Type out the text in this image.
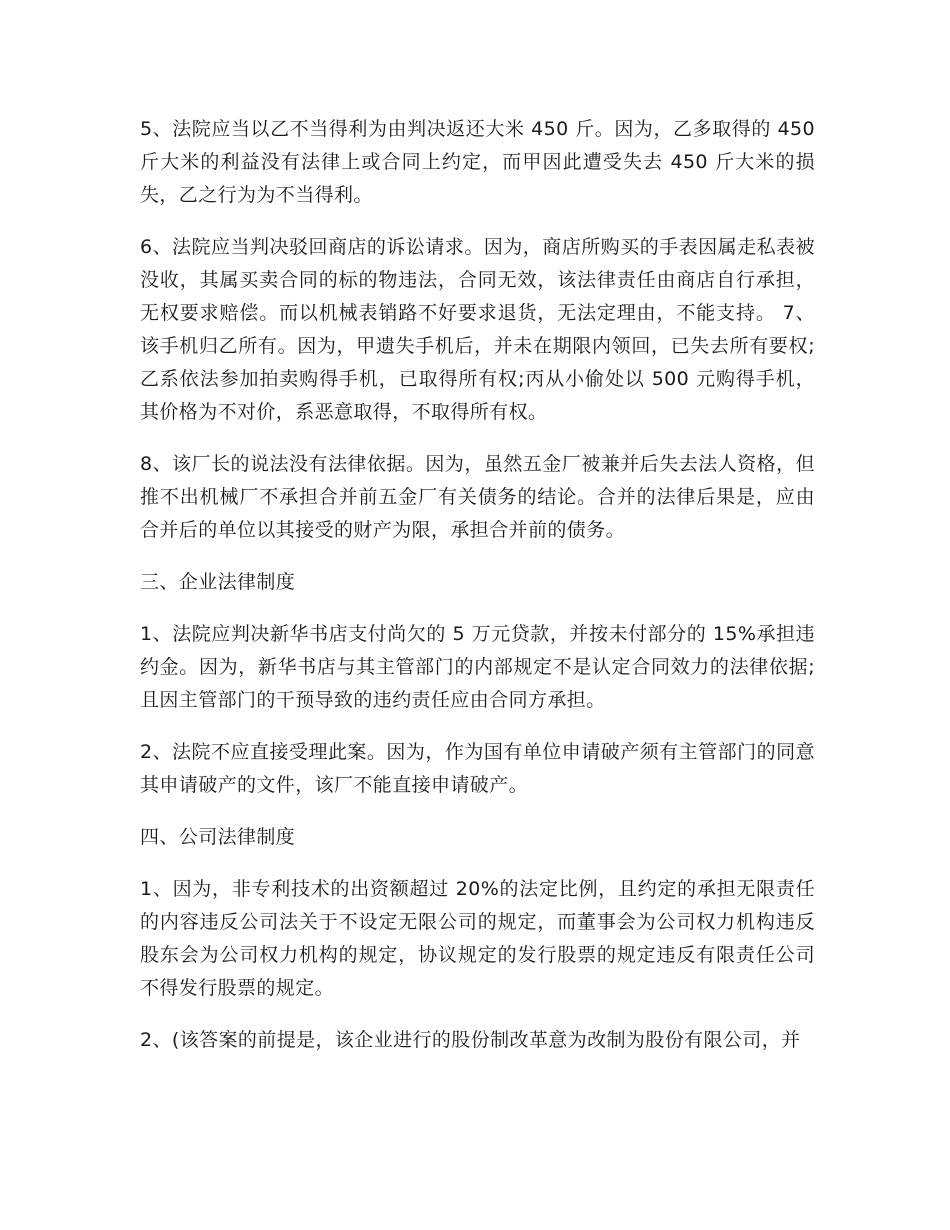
5、法院应当以乙不当得利为由判决返还大米 450 斤。因为，乙多取得的 450 斤大米的利益没有法律上或合同上约定，而甲因此遭受失去 450 斤大米的损失，乙之行为为不当得利。

6、法院应当判决驳回商店的诉讼请求。因为，商店所购买的手表因属走私表被没收，其属买卖合同的标的物违法，合同无效，该法律责任由商店自行承担，无权要求赔偿。而以机械表销路不好要求退货，无法定理由，不能支持。 7、该手机归乙所有。因为，甲遗失手机后，并未在期限内领回，已失去所有要权;乙系依法参加拍卖购得手机，已取得所有权;丙从小偷处以 500 元购得手机，其价格为不对价，系恶意取得，不取得所有权。

8、该厂长的说法没有法律依据。因为，虽然五金厂被兼并后失去法人资格，但推不出机械厂不承担合并前五金厂有关债务的结论。合并的法律后果是，应由合并后的单位以其接受的财产为限，承担合并前的债务。

三、企业法律制度

1、法院应判决新华书店支付尚欠的 5 万元贷款，并按未付部分的 15%承担违约金。因为，新华书店与其主管部门的内部规定不是认定合同效力的法律依据;且因主管部门的干预导致的违约责任应由合同方承担。

2、法院不应直接受理此案。因为，作为国有单位申请破产须有主管部门的同意其申请破产的文件，该厂不能直接申请破产。

四、公司法律制度

1、因为，非专利技术的出资额超过 20%的法定比例，且约定的承担无限责任的内容违反公司法关于不设定无限公司的规定，而董事会为公司权力机构违反股东会为公司权力机构的规定，协议规定的发行股票的规定违反有限责任公司不得发行股票的规定。

2、(该答案的前提是，该企业进行的股份制改革意为改制为股份有限公司，并
